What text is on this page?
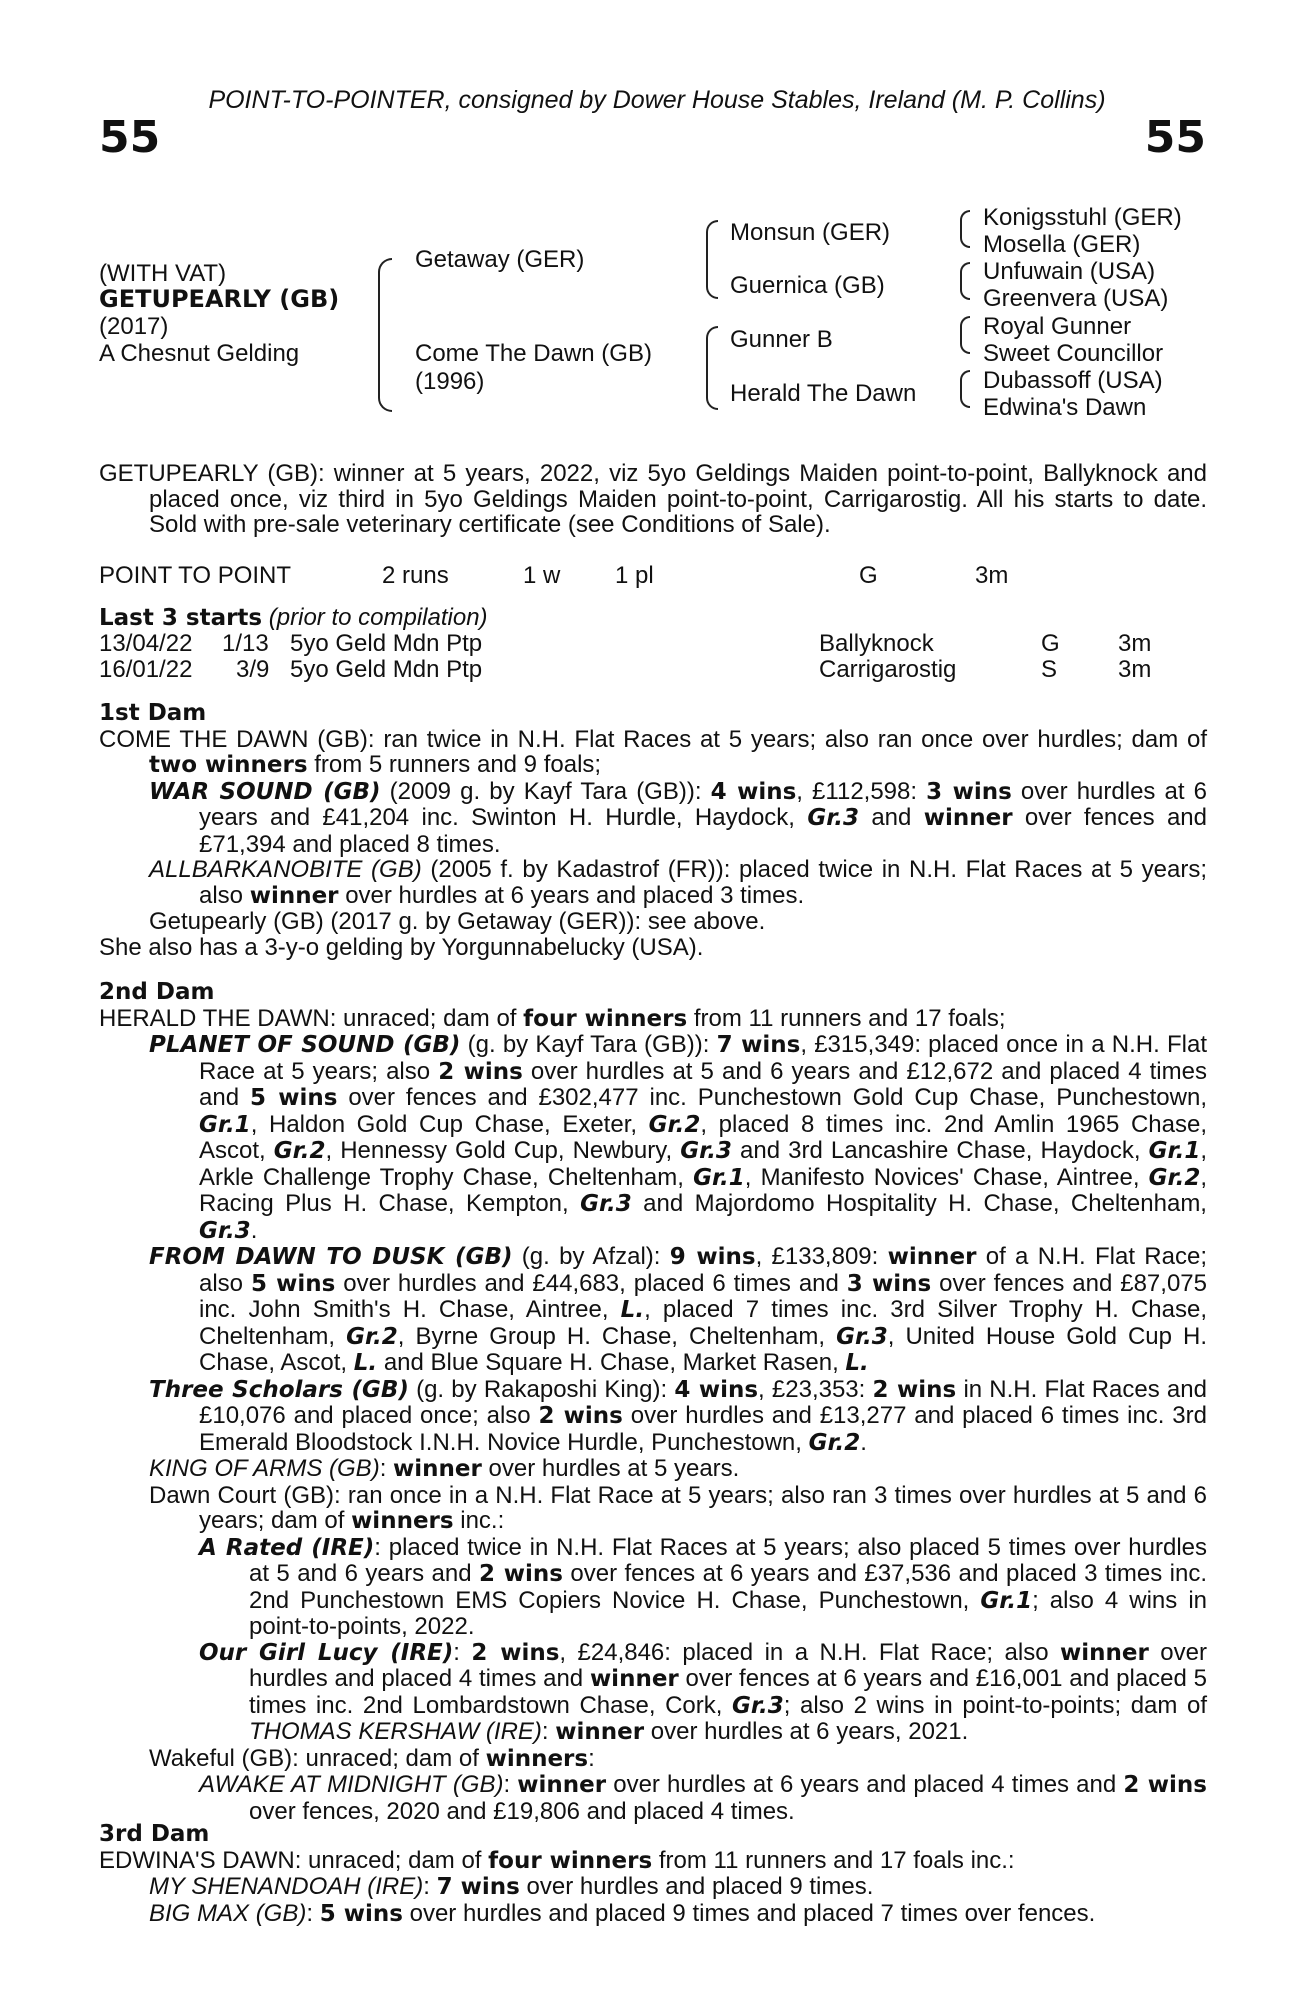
POINT-TO-POINTER, consigned by Dower House Stables, Ireland (M. P. Collins)
55	55
(WITH VAT)
GETUPEARLY (GB)
(2017)
A Chesnut Gelding
Getaway (GER)
Come The Dawn (GB)
(1996)
Monsun (GER)
Guernica (GB)
Gunner B
Herald The Dawn
Konigsstuhl (GER)
Mosella (GER)
Unfuwain (USA)
Greenvera (USA)
Royal Gunner
Sweet Councillor
Dubassoff (USA)
Edwina's Dawn

GETUPEARLY (GB): winner at 5 years, 2022, viz 5yo Geldings Maiden point-to-point, Ballyknock and placed once, viz third in 5yo Geldings Maiden point-to-point, Carrigarostig. All his starts to date. Sold with pre-sale veterinary certificate (see Conditions of Sale).

POINT TO POINT	2 runs	1 w 1 pl	G	3m
Last 3 starts (prior to compilation)
13/04/22 1/13 5yo Geld Mdn Ptp	Ballyknock	G 3m
16/01/22 3/9 5yo Geld Mdn Ptp	Carrigarostig	S	3m

1st Dam

COME THE DAWN (GB): ran twice in N.H. Flat Races at 5 years; also ran once over hurdles; dam of two winners from 5 runners and 9 foals;

WAR SOUND (GB) (2009 g. by Kayf Tara (GB)): 4 wins, £112,598: 3 wins over hurdles at 6 years and £41,204 inc. Swinton H. Hurdle, Haydock, Gr.3 and winner over fences and £71,394 and placed 8 times.

ALLBARKANOBITE (GB) (2005 f. by Kadastrof (FR)): placed twice in N.H. Flat Races at 5 years; also winner over hurdles at 6 years and placed 3 times.

Getupearly (GB) (2017 g. by Getaway (GER)): see above.

She also has a 3-y-o gelding by Yorgunnabelucky (USA).

2nd Dam

HERALD THE DAWN: unraced; dam of four winners from 11 runners and 17 foals;

PLANET OF SOUND (GB) (g. by Kayf Tara (GB)): 7 wins, £315,349: placed once in a N.H. Flat Race at 5 years; also 2 wins over hurdles at 5 and 6 years and £12,672 and placed 4 times and 5 wins over fences and £302,477 inc. Punchestown Gold Cup Chase, Punchestown, Gr.1, Haldon Gold Cup Chase, Exeter, Gr.2, placed 8 times inc. 2nd Amlin 1965 Chase, Ascot, Gr.2, Hennessy Gold Cup, Newbury, Gr.3 and 3rd Lancashire Chase, Haydock, Gr.1, Arkle Challenge Trophy Chase, Cheltenham, Gr.1, Manifesto Novices' Chase, Aintree, Gr.2, Racing Plus H. Chase, Kempton, Gr.3 and Majordomo Hospitality H. Chase, Cheltenham, Gr.3.

FROM DAWN TO DUSK (GB) (g. by Afzal): 9 wins, £133,809: winner of a N.H. Flat Race; also 5 wins over hurdles and £44,683, placed 6 times and 3 wins over fences and £87,075 inc. John Smith's H. Chase, Aintree, L., placed 7 times inc. 3rd Silver Trophy H. Chase, Cheltenham, Gr.2, Byrne Group H. Chase, Cheltenham, Gr.3, United House Gold Cup H. Chase, Ascot, L. and Blue Square H. Chase, Market Rasen, L.

Three Scholars (GB) (g. by Rakaposhi King): 4 wins, £23,353: 2 wins in N.H. Flat Races and £10,076 and placed once; also 2 wins over hurdles and £13,277 and placed 6 times inc. 3rd Emerald Bloodstock I.N.H. Novice Hurdle, Punchestown, Gr.2.

KING OF ARMS (GB): winner over hurdles at 5 years.

Dawn Court (GB): ran once in a N.H. Flat Race at 5 years; also ran 3 times over hurdles at 5 and 6 years; dam of winners inc.:

A Rated (IRE): placed twice in N.H. Flat Races at 5 years; also placed 5 times over hurdles at 5 and 6 years and 2 wins over fences at 6 years and £37,536 and placed 3 times inc. 2nd Punchestown EMS Copiers Novice H. Chase, Punchestown, Gr.1; also 4 wins in point-to-points, 2022.

Our Girl Lucy (IRE): 2 wins, £24,846: placed in a N.H. Flat Race; also winner over hurdles and placed 4 times and winner over fences at 6 years and £16,001 and placed 5 times inc. 2nd Lombardstown Chase, Cork, Gr.3; also 2 wins in point-to-points; dam of THOMAS KERSHAW (IRE): winner over hurdles at 6 years, 2021.

Wakeful (GB): unraced; dam of winners:

AWAKE AT MIDNIGHT (GB): winner over hurdles at 6 years and placed 4 times and 2 wins over fences, 2020 and £19,806 and placed 4 times.

3rd Dam

EDWINA'S DAWN: unraced; dam of four winners from 11 runners and 17 foals inc.:

MY SHENANDOAH (IRE): 7 wins over hurdles and placed 9 times.

BIG MAX (GB): 5 wins over hurdles and placed 9 times and placed 7 times over fences.
